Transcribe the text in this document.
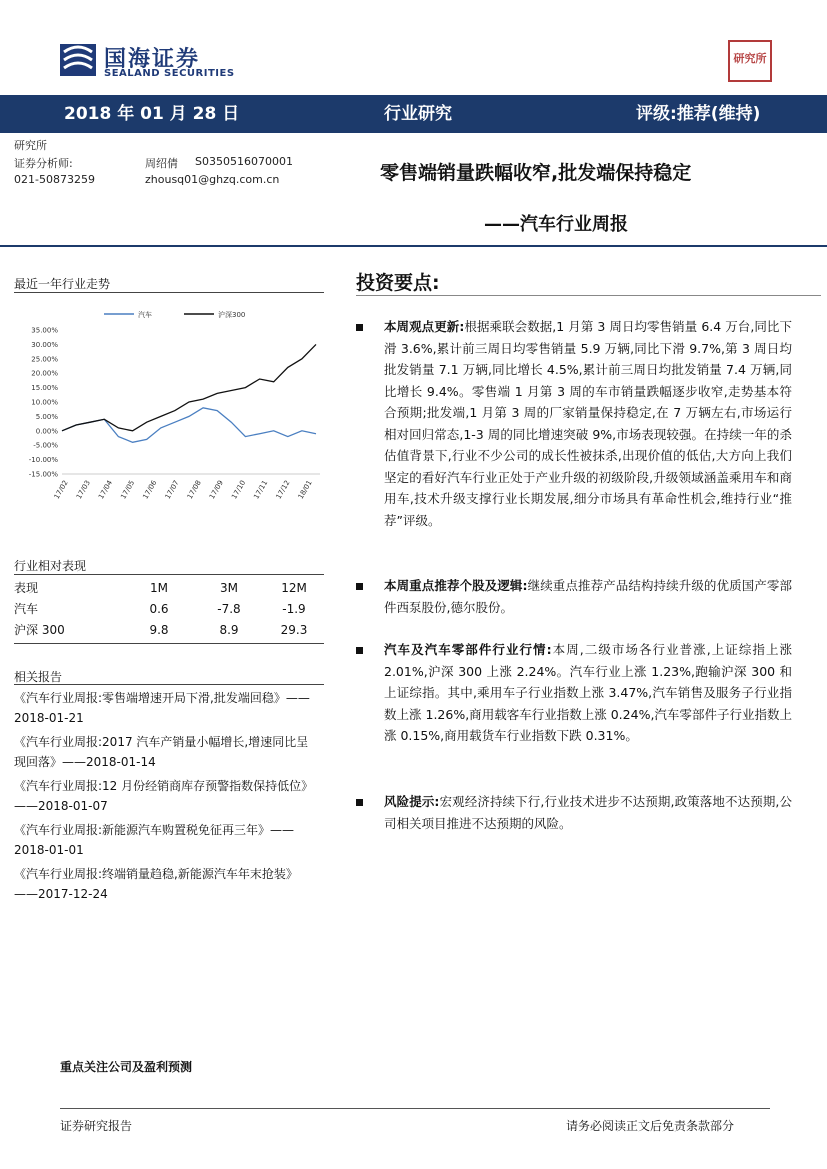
国海证券
SEALAND SECURITIES
研究所
2018 年 01 月 28 日	行业研究	评级:推荐(维持)
研究所
证券分析师:
021-50873259
周绍倩 S0350516070001
zhousq01@ghzq.com.cn	零售端销量跌幅收窄,批发端保持稳定
——汽车行业周报
最近一年行业走势
汽车	沪深300
35.00%
30.00%
25.00%
20.00%
15.00%
10.00%
5.00%
0.00%
-5.00%
-10.00%
-15.00%
17/02 17/03 17/04 17/05 17/06 17/07 17/08 17/09 17/10 17/11 17/12 18/01
行业相对表现
表现	1M	3M	12M
汽车	0.6	-7.8	-1.9
沪深 300	9.8	8.9	29.3
相关报告
《汽车行业周报:零售端增速开局下滑,批发端回稳》——2018-01-21
《汽车行业周报:2017 汽车产销量小幅增长,增速同比呈现回落》——2018-01-14
《汽车行业周报:12 月份经销商库存预警指数保持低位》——2018-01-07
《汽车行业周报:新能源汽车购置税免征再三年》——2018-01-01
《汽车行业周报:终端销量趋稳,新能源汽车年末抢装》——2017-12-24
投资要点:
本周观点更新:根据乘联会数据,1 月第 3 周日均零售销量 6.4 万台,同比下滑 3.6%,累计前三周日均零售销量 5.9 万辆,同比下滑 9.7%,第 3 周日均批发销量 7.1 万辆,同比增长 4.5%,累计前三周日均批发销量 7.4 万辆,同比增长 9.4%。零售端 1 月第 3 周的车市销量跌幅逐步收窄,走势基本符合预期;批发端,1 月第 3 周的厂家销量保持稳定,在 7 万辆左右,市场运行相对回归常态,1-3 周的同比增速突破 9%,市场表现较强。在持续一年的杀估值背景下,行业不少公司的成长性被抹杀,出现价值的低估,大方向上我们坚定的看好汽车行业正处于产业升级的初级阶段,升级领域涵盖乘用车和商用车,技术升级支撑行业长期发展,细分市场具有革命性机会,维持行业“推荐”评级。
本周重点推荐个股及逻辑:继续重点推荐产品结构持续升级的优质国产零部件西泵股份,德尔股份。
汽车及汽车零部件行业行情:本周,二级市场各行业普涨,上证综指上涨 2.01%,沪深 300 上涨 2.24%。汽车行业上涨 1.23%,跑输沪深 300 和上证综指。其中,乘用车子行业指数上涨 3.47%,汽车销售及服务子行业指数上涨 1.26%,商用载客车行业指数上涨 0.24%,汽车零部件子行业指数上涨 0.15%,商用载货车行业指数下跌 0.31%。
风险提示:宏观经济持续下行,行业技术进步不达预期,政策落地不达预期,公司相关项目推进不达预期的风险。
重点关注公司及盈利预测
证券研究报告	请务必阅读正文后免责条款部分
